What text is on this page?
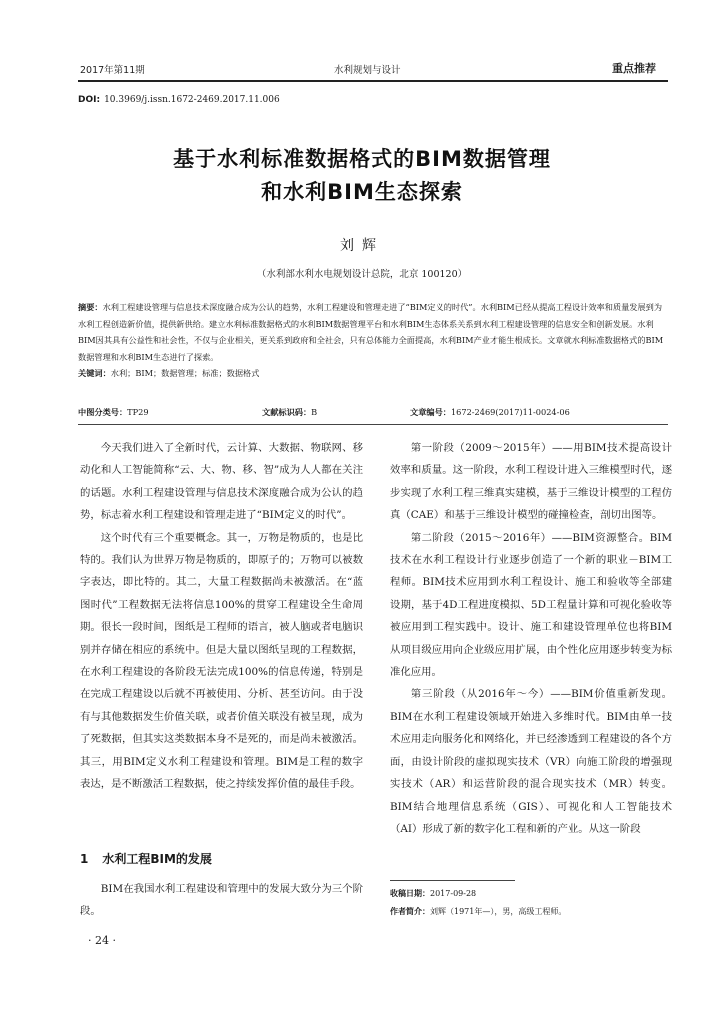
2017年第11期	水利规划与设计	重点推荐
DOI: 10.3969/j.issn.1672-2469.2017.11.006
基于水利标准数据格式的BIM数据管理
和水利BIM生态探索
刘辉
（水利部水利水电规划设计总院，北京 100120）
摘要：水利工程建设管理与信息技术深度融合成为公认的趋势，水利工程建设和管理走进了“BIM定义的时代”。水利BIM已经从提高工程设计效率和质量发展到为水利工程创造新价值，提供新供给。建立水利标准数据格式的水利BIM数据管理平台和水利BIM生态体系关系到水利工程建设管理的信息安全和创新发展。水利BIM因其具有公益性和社会性，不仅与企业相关，更关系到政府和全社会，只有总体能力全面提高，水利BIM产业才能生根成长。文章就水利标准数据格式的BIM数据管理和水利BIM生态进行了探索。
关键词：水利；BIM；数据管理；标准；数据格式
中图分类号：TP29	文献标识码：B	文章编号：1672-2469(2017)11-0024-06

今天我们进入了全新时代，云计算、大数据、物联网、移动化和人工智能简称“云、大、物、移、智”成为人人都在关注的话题。水利工程建设管理与信息技术深度融合成为公认的趋势，标志着水利工程建设和管理走进了“BIM定义的时代”。

这个时代有三个重要概念。其一，万物是物质的，也是比特的。我们认为世界万物是物质的，即原子的；万物可以被数字表达，即比特的。其二，大量工程数据尚未被激活。在“蓝图时代”工程数据无法将信息100%的贯穿工程建设全生命周期。很长一段时间，图纸是工程师的语言，被人脑或者电脑识别并存储在相应的系统中。但是大量以图纸呈现的工程数据，在水利工程建设的各阶段无法完成100%的信息传递，特别是在完成工程建设以后就不再被使用、分析、甚至访问。由于没有与其他数据发生价值关联，或者价值关联没有被呈现，成为了死数据，但其实这类数据本身不是死的，而是尚未被激活。其三，用BIM定义水利工程建设和管理。BIM是工程的数字表达，是不断激活工程数据，使之持续发挥价值的最佳手段。

1 水利工程BIM的发展

BIM在我国水利工程建设和管理中的发展大致分为三个阶段。

第一阶段（2009～2015年）——用BIM技术提高设计效率和质量。这一阶段，水利工程设计进入三维模型时代，逐步实现了水利工程三维真实建模，基于三维设计模型的工程仿真（CAE）和基于三维设计模型的碰撞检查，剖切出图等。

第二阶段（2015～2016年）——BIM资源整合。BIM技术在水利工程设计行业逐步创造了一个新的职业－BIM工程师。BIM技术应用到水利工程设计、施工和验收等全部建设期，基于4D工程进度模拟、5D工程量计算和可视化验收等被应用到工程实践中。设计、施工和建设管理单位也将BIM从项目级应用向企业级应用扩展，由个性化应用逐步转变为标准化应用。

第三阶段（从2016年～今）——BIM价值重新发现。BIM在水利工程建设领域开始进入多维时代。BIM由单一技术应用走向服务化和网络化，并已经渗透到工程建设的各个方面，由设计阶段的虚拟现实技术（VR）向施工阶段的增强现实技术（AR）和运营阶段的混合现实技术（MR）转变。BIM结合地理信息系统（GIS）、可视化和人工智能技术（AI）形成了新的数字化工程和新的产业。从这一阶段

收稿日期：2017-09-28
作者简介：刘辉（1971年—），男，高级工程师。
· 24 ·
